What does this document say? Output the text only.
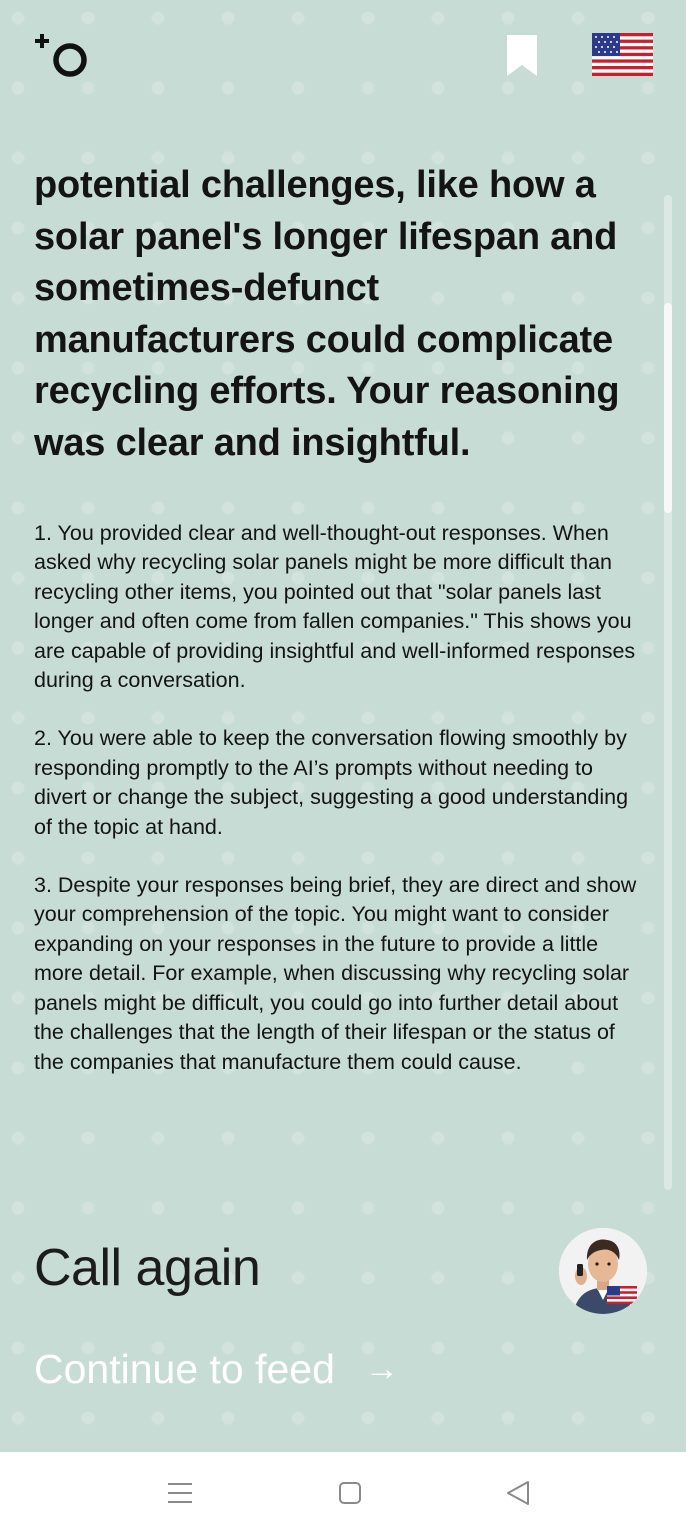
potential challenges, like how a solar panel's longer lifespan and sometimes-defunct manufacturers could complicate recycling efforts. Your reasoning was clear and insightful.

1. You provided clear and well-thought-out responses. When asked why recycling solar panels might be more difficult than recycling other items, you pointed out that "solar panels last longer and often come from fallen companies." This shows you are capable of providing insightful and well-informed responses during a conversation.

2. You were able to keep the conversation flowing smoothly by responding promptly to the AI’s prompts without needing to divert or change the subject, suggesting a good understanding of the topic at hand.

3. Despite your responses being brief, they are direct and show your comprehension of the topic. You might want to consider expanding on your responses in the future to provide a little more detail. For example, when discussing why recycling solar panels might be difficult, you could go into further detail about the challenges that the length of their lifespan or the status of the companies that manufacture them could cause.

Call again

Continue to feed →
